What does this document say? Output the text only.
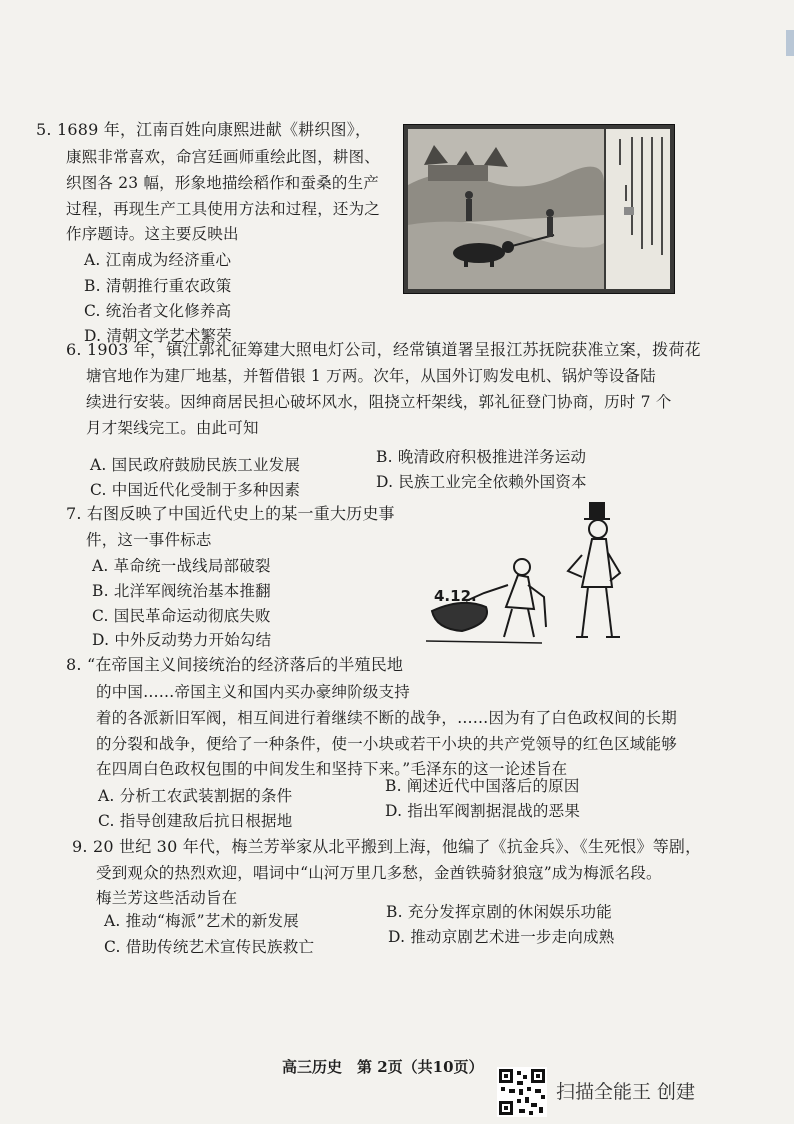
5. 1689 年，江南百姓向康熙进献《耕织图》，
康熙非常喜欢，命宫廷画师重绘此图，耕图、
织图各 23 幅，形象地描绘稻作和蚕桑的生产
过程，再现生产工具使用方法和过程，还为之
作序题诗。这主要反映出
A. 江南成为经济重心
B. 清朝推行重农政策
C. 统治者文化修养高
D. 清朝文学艺术繁荣
6. 1903 年，镇江郭礼征筹建大照电灯公司，经常镇道署呈报江苏抚院获准立案，拨荷花
塘官地作为建厂地基，并暂借银 1 万两。次年，从国外订购发电机、锅炉等设备陆
续进行安装。因绅商居民担心破坏风水，阻挠立杆架线，郭礼征登门协商，历时 7 个
月才架线完工。由此可知
A. 国民政府鼓励民族工业发展	B. 晚清政府积极推进洋务运动
C. 中国近代化受制于多种因素	D. 民族工业完全依赖外国资本
7. 右图反映了中国近代史上的某一重大历史事
件，这一事件标志
A. 革命统一战线局部破裂
B. 北洋军阀统治基本推翻
C. 国民革命运动彻底失败
D. 中外反动势力开始勾结
4.12.
8. “在帝国主义间接统治的经济落后的半殖民地
的中国……帝国主义和国内买办豪绅阶级支持
着的各派新旧军阀，相互间进行着继续不断的战争，……因为有了白色政权间的长期
的分裂和战争，便给了一种条件，使一小块或若干小块的共产党领导的红色区域能够
在四周白色政权包围的中间发生和坚持下来。”毛泽东的这一论述旨在
A. 分析工农武装割据的条件
B. 阐述近代中国落后的原因
C. 指导创建敌后抗日根据地
D. 指出军阀割据混战的恶果
9. 20 世纪 30 年代，梅兰芳举家从北平搬到上海，他编了《抗金兵》、《生死恨》等剧，
受到观众的热烈欢迎，唱词中“山河万里几多愁，金酋铁骑豺狼寇”成为梅派名段。
梅兰芳这些活动旨在
A. 推动“梅派”艺术的新发展	B. 充分发挥京剧的休闲娱乐功能
C. 借助传统艺术宣传民族救亡
D. 推动京剧艺术进一步走向成熟
高三历史　第 2页（共10页）
扫描全能王 创建
